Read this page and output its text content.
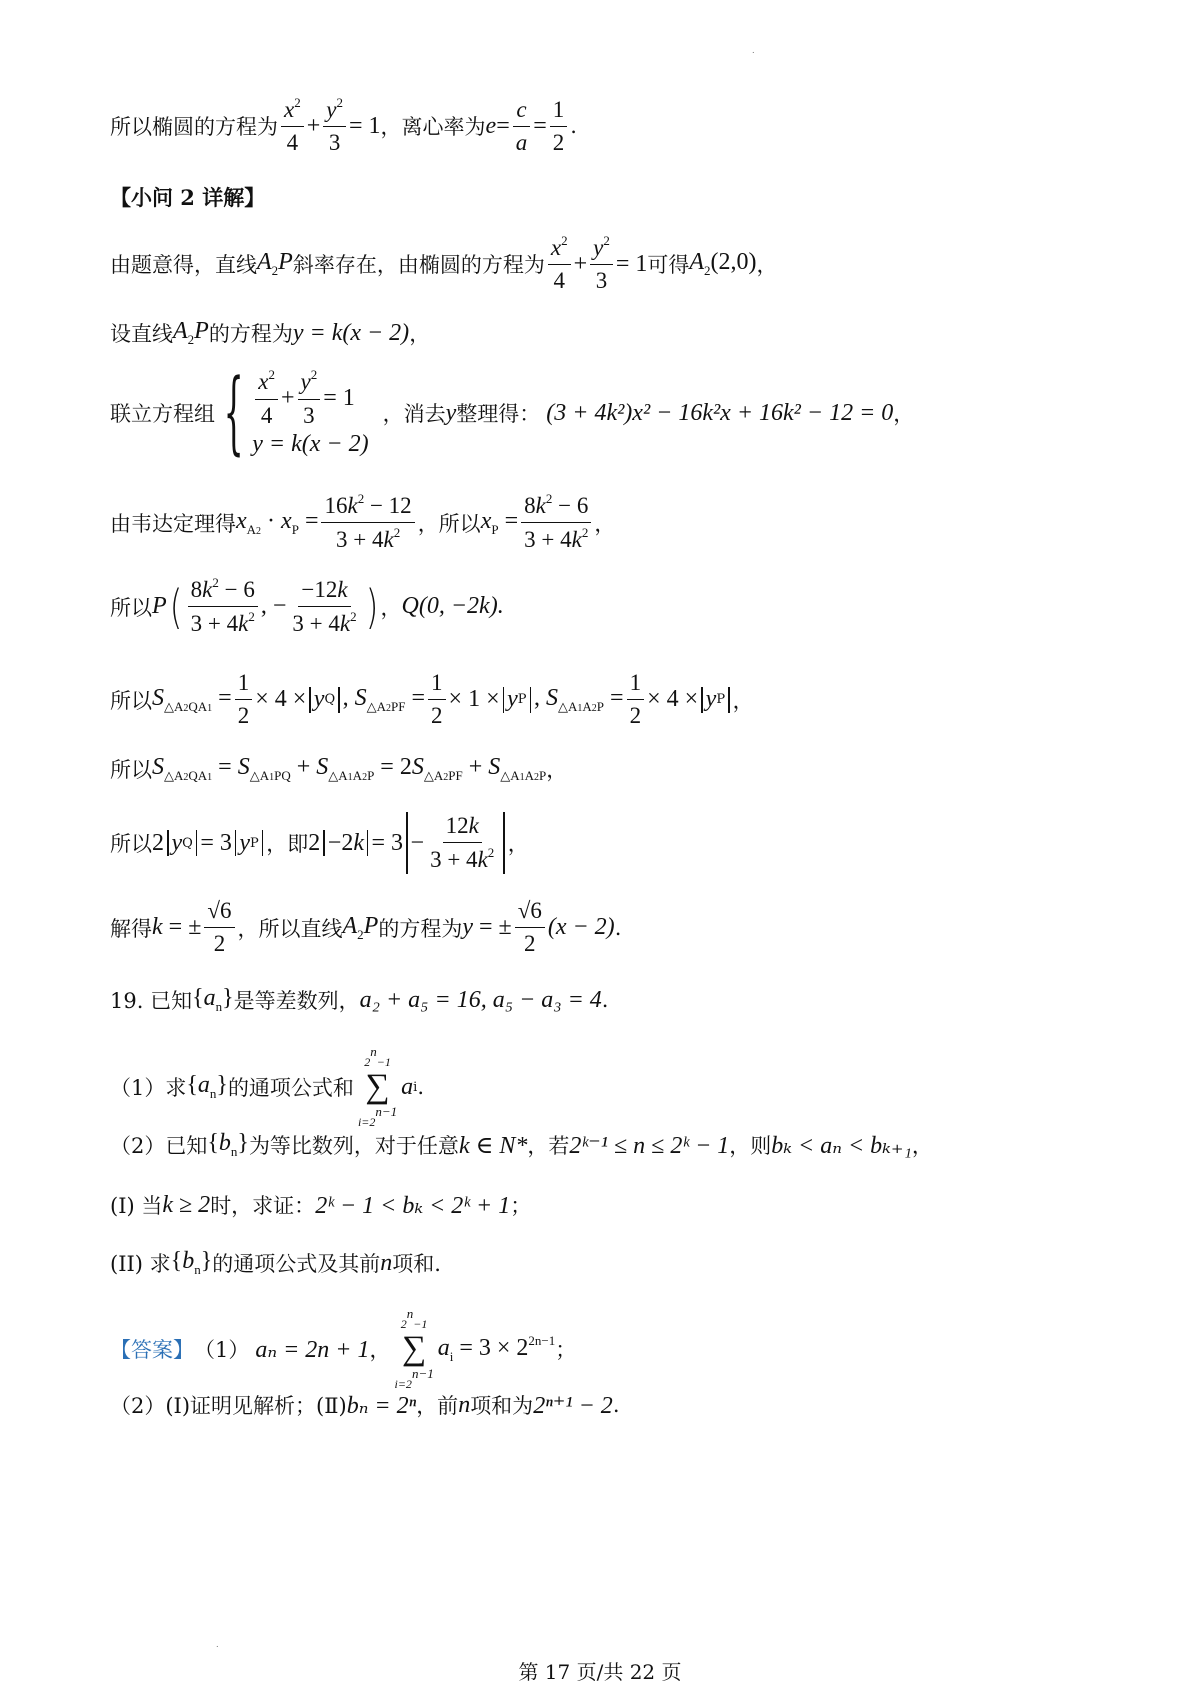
.
所以椭圆的方程为 $\frac{x^2}{4} + \frac{y^2}{3} = 1$ ，离心率为 $e = \frac{c}{a} = \frac{1}{2}$ .
【小问 2 详解】
由题意得，直线 $A_2P$ 斜率存在，由椭圆的方程为 $\frac{x^2}{4} + \frac{y^2}{3} = 1$ 可得 $A_2(2,0)$ ，
设直线 $A_2P$ 的方程为 y = k(x − 2) ，
联立方程组 { $\frac{x^2}{4} + \frac{y^2}{3} = 1$
y = k(x − 2)
，消去 y 整理得： (3 + 4k²)x² − 16k²x + 16k² − 12 = 0 ，
由韦达定理得 $x_{A2} \cdot x_P = \frac{16k^2 - 12}{3 + 4k^2}$ ，所以 $x_P = \frac{8k^2 - 6}{3 + 4k^2}$ ，
所以 P ( $\frac{8k^2 - 6}{3 + 4k^2}$ , − $\frac{-12k}{3 + 4k^2}$ ) ， Q(0, −2k).
所以 $S_{\triangle A2QA1} = \frac{1}{2} \times 4 \times y$ Q , $S_{\triangle A2PF} = \frac{1}{2} \times 1 \times y$ P , $S_{\triangle A1A2P} = \frac{1}{2} \times 4 \times y$ P ，
所以 $S_{\triangle A2QA1} = S_{\triangle A1PQ} + S_{\triangle A1A2P} = 2S_{\triangle A2PF} + S_{\triangle A1A2P}$ ，
所以 2 y Q = 3 y P ，即 $2 -2k = 3 - \frac{12k}{3 + 4k^2}$ ，
解得 k = ± $\frac{√6}{2}$ ，所以直线 $A_2P$ 的方程为 y = ± $\frac{√6}{2} (x - 2)$ .
19. 已知 $\{a_n\}$ 是等差数列， a₂ + a₅ = 16, a₅ − a₃ = 4 .
（1）求 $\{a_n\}$ 的通项公式和
$2^n-1$
∑
$i=2^{n-1}$
a i .
（2）已知 $\{b_n\}$ 为等比数列，对于任意 k ∈ N* ，若 2ᵏ⁻¹ ≤ n ≤ 2ᵏ − 1 ，则 bₖ < aₙ < bₖ₊₁ ，
(I) 当 k ≥ 2 时，求证： 2ᵏ − 1 < bₖ < 2ᵏ + 1 ；
(II) 求 $\{b_n\}$ 的通项公式及其前 n 项和.
【答案】 （1） aₙ = 2n + 1 ，
$2^n-1$
∑
$i=2^{n-1}$
$a_i = 3 \times 2^{2n-1}$ ；
（2）(Ⅰ)证明见解析；(Ⅱ) bₙ = 2ⁿ ，前 n 项和为 2ⁿ⁺¹ − 2 .
.
第 17 页/共 22 页
